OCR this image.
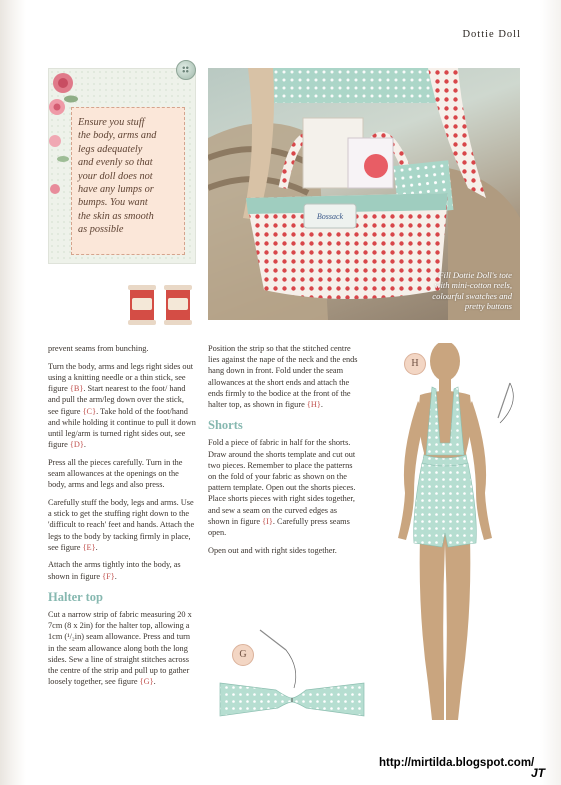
Dottie Doll
Ensure you stuff
the body, arms and
legs adequately
and evenly so that
your doll does not
have any lumps or
bumps. You want
the skin as smooth
as possible
Bossack
Fill Dottie Doll's tote
with mini-cotton reels,
colourful swatches and
pretty buttons

prevent seams from bunching.

Turn the body, arms and legs right sides out using a knitting needle or a thin stick, see figure {B}. Start nearest to the foot/ hand and pull the arm/leg down over the stick, see figure {C}. Take hold of the foot/hand and while holding it continue to pull it down until leg/arm is turned right sides out, see figure {D}.

Press all the pieces carefully. Turn in the seam allowances at the openings on the body, arms and legs and also press.

Carefully stuff the body, legs and arms. Use a stick to get the stuffing right down to the 'difficult to reach' feet and hands. Attach the legs to the body by tacking firmly in place, see figure {E}.

Attach the arms tightly into the body, as shown in figure {F}.

Halter top

Cut a narrow strip of fabric measuring 20 x 7cm (8 x 2in) for the halter top, allowing a 1cm (¹/₂in) seam allowance. Press and turn in the seam allowance along both the long sides. Sew a line of straight stitches across the centre of the strip and pull up to gather loosely together, see figure {G}.

Position the strip so that the stitched centre lies against the nape of the neck and the ends hang down in front. Fold under the seam allowances at the short ends and attach the ends firmly to the bodice at the front of the halter top, as shown in figure {H}.

Shorts

Fold a piece of fabric in half for the shorts. Draw around the shorts template and cut out two pieces. Remember to place the patterns on the fold of your fabric as shown on the pattern template. Open out the shorts pieces. Place shorts pieces with right sides together, and sew a seam on the curved edges as shown in figure {I}. Carefully press seams open.

Open out and with right sides together.

H
G
http://mirtilda.blogspot.com/
JT
